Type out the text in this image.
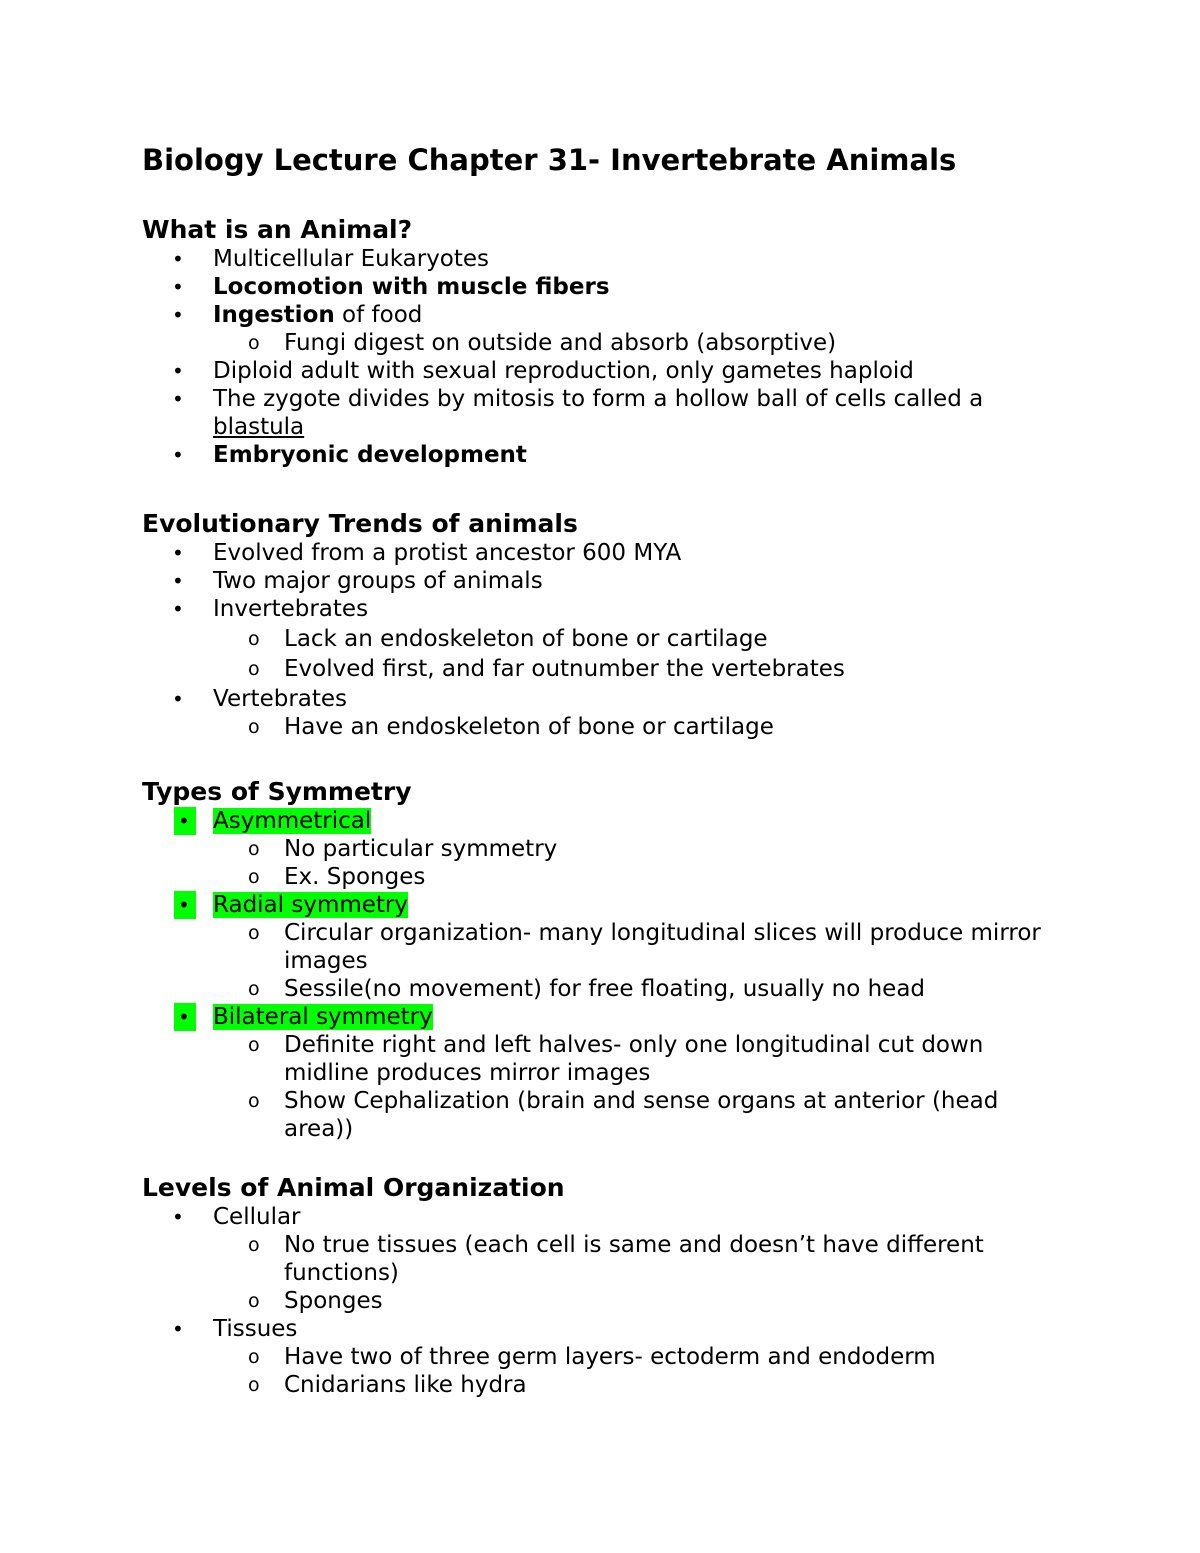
Biology Lecture Chapter 31- Invertebrate Animals
What is an Animal?
• Multicellular Eukaryotes
• Locomotion with muscle fibers
• Ingestion of food
o Fungi digest on outside and absorb (absorptive)
• Diploid adult with sexual reproduction, only gametes haploid
• The zygote divides by mitosis to form a hollow ball of cells called a blastula
• Embryonic development
Evolutionary Trends of animals
• Evolved from a protist ancestor 600 MYA
• Two major groups of animals
• Invertebrates
o Lack an endoskeleton of bone or cartilage
o Evolved first, and far outnumber the vertebrates
• Vertebrates
o Have an endoskeleton of bone or cartilage
Types of Symmetry
• Asymmetrical
o No particular symmetry
o Ex. Sponges
• Radial symmetry
o Circular organization- many longitudinal slices will produce mirror images
o Sessile(no movement) for free floating, usually no head
• Bilateral symmetry
o Definite right and left halves- only one longitudinal cut down midline produces mirror images
o Show Cephalization (brain and sense organs at anterior (head area))
Levels of Animal Organization
• Cellular
o No true tissues (each cell is same and doesn’t have different functions)
o Sponges
• Tissues
o Have two of three germ layers- ectoderm and endoderm
o Cnidarians like hydra
